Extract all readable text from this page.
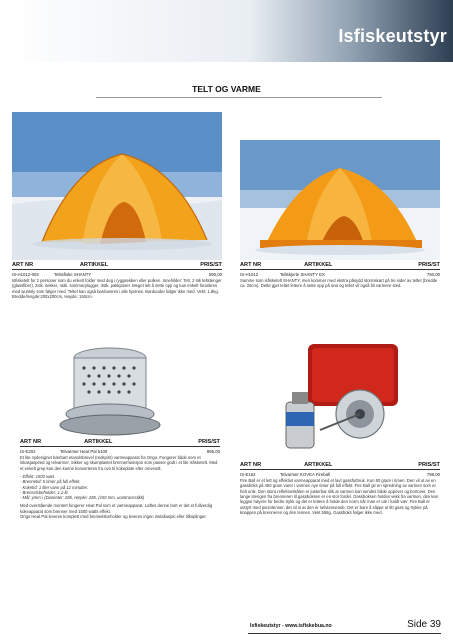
Isfiskeutstyr
TELT OG VARME
ART NR	ARTIKKEL	PRIS/ST
IS-H1012-002	Teltisfiske SHANTY	590,00

Isfisketelt for 2 personer som du enkelt folder med deg i ryggsekken eller pulken. Innehilder: Telt, 2 stk teltstenger (glassfiber), 2stk. sekker, 4stk. sommerplugger, 3stk. pakkposer. Meget lett å sette opp og kan enkelt forankres med wuntsly som følger med. Teltet kan også bardunsres i alle hjørnes. Bardunder følger ikke med. Vekt: 1,8kg. Bredde/lengde:200x200cm, Høyde: 150cm.

ART NR	ARTIKKEL	PRIS/ST
IS-H1012	Teltskjerte SHANTY EX	750,00

Samme som isfisketelt SHANTY, men kommer med ekstra påsydd stormskørt på tre sider av teltet (bredde ca. 25cm). Dette gjør teltet lettere å sette opp på snø og teltet vil også bli varmere sted.

ART NR	ARTIKKEL	PRIS/ST
IS-E202	Telvarmer Heat Pal 5100	895,00

Et lite nydesignet bærbart etanolsbrevel (redspirit) varmeapparat fra Origo. Fungerer både som et lokasjaspeed og telvarmer. Sikker og skumplastet brennerfunksjon som passer godt i et lite isfisketelt. Med et enkelt grep kan den kunne konverteres fra ovn til kokeplate eller omvendt.

- Effekt: 1500 watt.
- Brennetid: 5 timer på full effekt.
- Koketid: 1 liter vann på 12 minutter.
- Brenselsbeholder: 1,2 lit.
- Mål: ymm \ (Diameter: 285, Høyde: 285, (150 mm. uomtransstikk)

Med overstående montert fungerer Heat Pal som et varmeapparat. Løftes denne bort er det et fullverdig kokeapparat som brenner med 1500 watts effekt.
Origo Heat Pal leveres komplett med brenselsbeholder og leveres ingen installasjon eller tilkoplinger.

ART NR	ARTIKKEL	PRIS/ST
IS-E162	Telvarmer KOVEA Fireball	798,00

Fire Ball er et lett og effektivt varmeapparat med et lavt gassforbruk. Kun 80 gram i timen. Den vil ut av en gassboks på 450 gram varer i varmen nye timer på full effekt. Fire Ball gir en spredning av varmen som er helt unik. Den stora reflektorskålen er justerbar slik at varmen kan sendes både oppover og bortover. Den lange stengen fra brenneren til gassboksen er en stor fordel. Gassboksen holdes vekk fra varmen, den kan leggse høyere for bedre trykk og det er lettere å holde den norm når man er ute i kaldt vær. Fire Ball er utstyrt med piezotenner, det vil si at den er selvtennende. Det er bare å slippe ut litt gass og trykke på knappen på brenneren og den tennes. Vekt 558g. Gassboks følger ikke med.

Isfiskeutstyr - www.isfiskebua.no	Side 39
